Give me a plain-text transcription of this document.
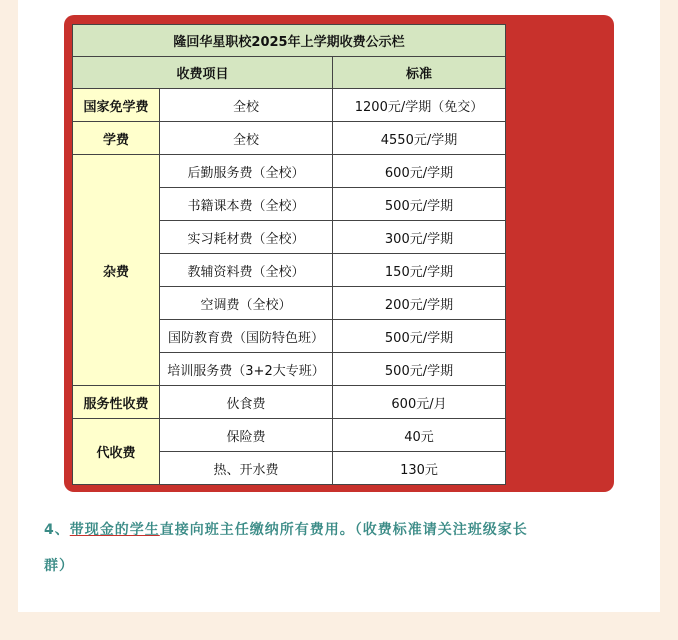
隆回华星职校2025年上学期收费公示栏		
收费项目		标准
国家免学费	全校	1200元/学期（免交）
学费	全校	4550元/学期
杂费	后勤服务费（全校）	600元/学期
	书籍课本费（全校）	500元/学期
	实习耗材费（全校）	300元/学期
	教辅资料费（全校）	150元/学期
	空调费（全校）	200元/学期
	国防教育费（国防特色班）	500元/学期
	培训服务费（3+2大专班）	500元/学期
服务性收费	伙食费	600元/月
代收费	保险费	40元
	热、开水费	130元
4、带现金的学生直接向班主任缴纳所有费用。（收费标准请关注班级家长
群）
